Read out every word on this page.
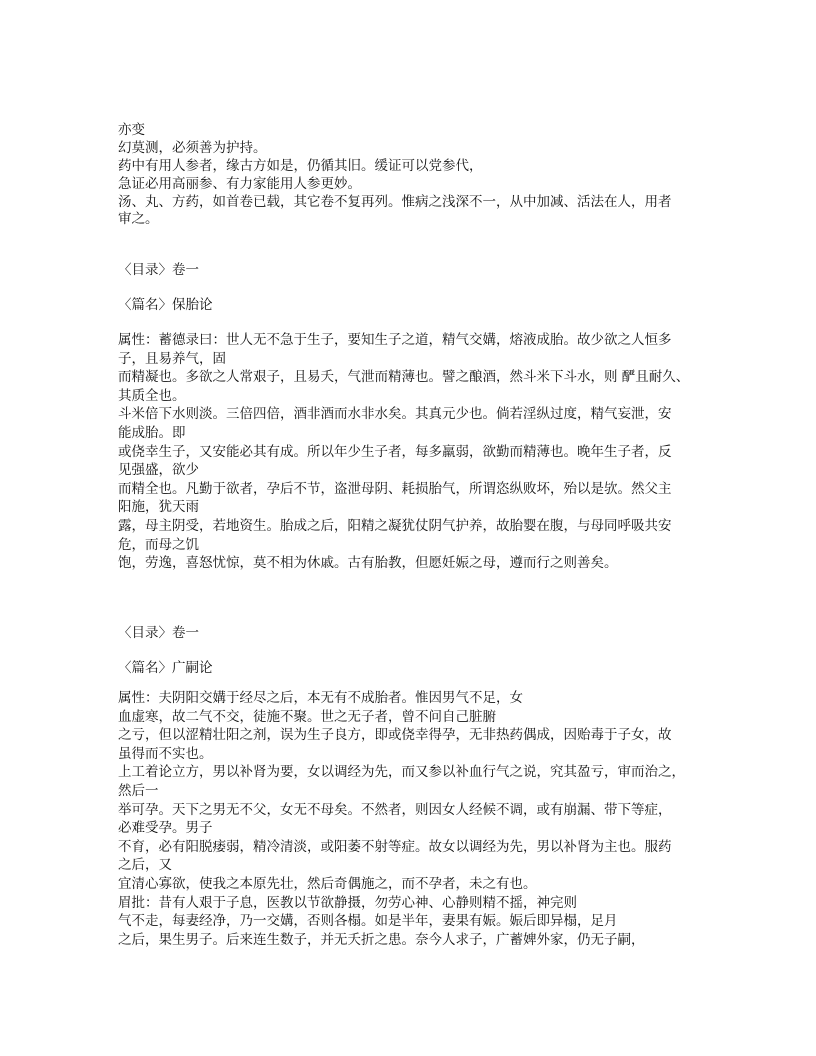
亦变
幻莫测，必须善为护持。
药中有用人参者，缘古方如是，仍循其旧。缓证可以党参代，
急证必用高丽参、有力家能用人参更妙。
汤、丸、方药，如首卷已载，其它卷不复再列。惟病之浅深不一，从中加减、活法在人，用者
审之。
〈目录〉卷一
〈篇名〉保胎论
属性：蓄德录曰：世人无不急于生子，要知生子之道，精气交媾，熔液成胎。故少欲之人恒多
子，且易养气，固
而精凝也。多欲之人常艰子，且易夭，气泄而精薄也。譬之酿酒，然斗米下斗水，则 酽且耐久、
其质全也。
斗米倍下水则淡。三倍四倍，酒非酒而水非水矣。其真元少也。倘若淫纵过度，精气妄泄，安
能成胎。即
或侥幸生子，又安能必其有成。所以年少生子者，每多羸弱，欲勤而精薄也。晚年生子者，反
见强盛，欲少
而精全也。凡勤于欲者，孕后不节，盗泄母阴、耗损胎气，所谓恣纵败坏，殆以是欤。然父主
阳施，犹天雨
露，母主阴受，若地资生。胎成之后，阳精之凝犹仗阴气护养，故胎婴在腹，与母同呼吸共安
危，而母之饥
饱，劳逸，喜怒忧惊，莫不相为休戚。古有胎教，但愿妊娠之母，遵而行之则善矣。
〈目录〉卷一
〈篇名〉广嗣论
属性：夫阴阳交媾于经尽之后，本无有不成胎者。惟因男气不足，女
血虚寒，故二气不交，徒施不聚。世之无子者，曾不问自己脏腑
之亏，但以涩精壮阳之剂，误为生子良方，即或侥幸得孕，无非热药偶成，因贻毒于子女，故
虽得而不实也。
上工着论立方，男以补肾为要，女以调经为先，而又参以补血行气之说，究其盈亏，审而治之，
然后一
举可孕。天下之男无不父，女无不母矣。不然者，则因女人经候不调，或有崩漏、带下等症，
必难受孕。男子
不育，必有阳脱痿弱，精冷清淡，或阳萎不射等症。故女以调经为先，男以补肾为主也。服药
之后，又
宜清心寡欲，使我之本原先壮，然后奇偶施之，而不孕者，未之有也。
眉批：昔有人艰于子息，医教以节欲静摄，勿劳心神、心静则精不摇，神完则
气不走，每妻经净，乃一交媾，否则各榻。如是半年，妻果有娠。娠后即异榻，足月
之后，果生男子。后来连生数子，并无夭折之患。奈今人求子，广蓄婢外家，仍无子嗣，
